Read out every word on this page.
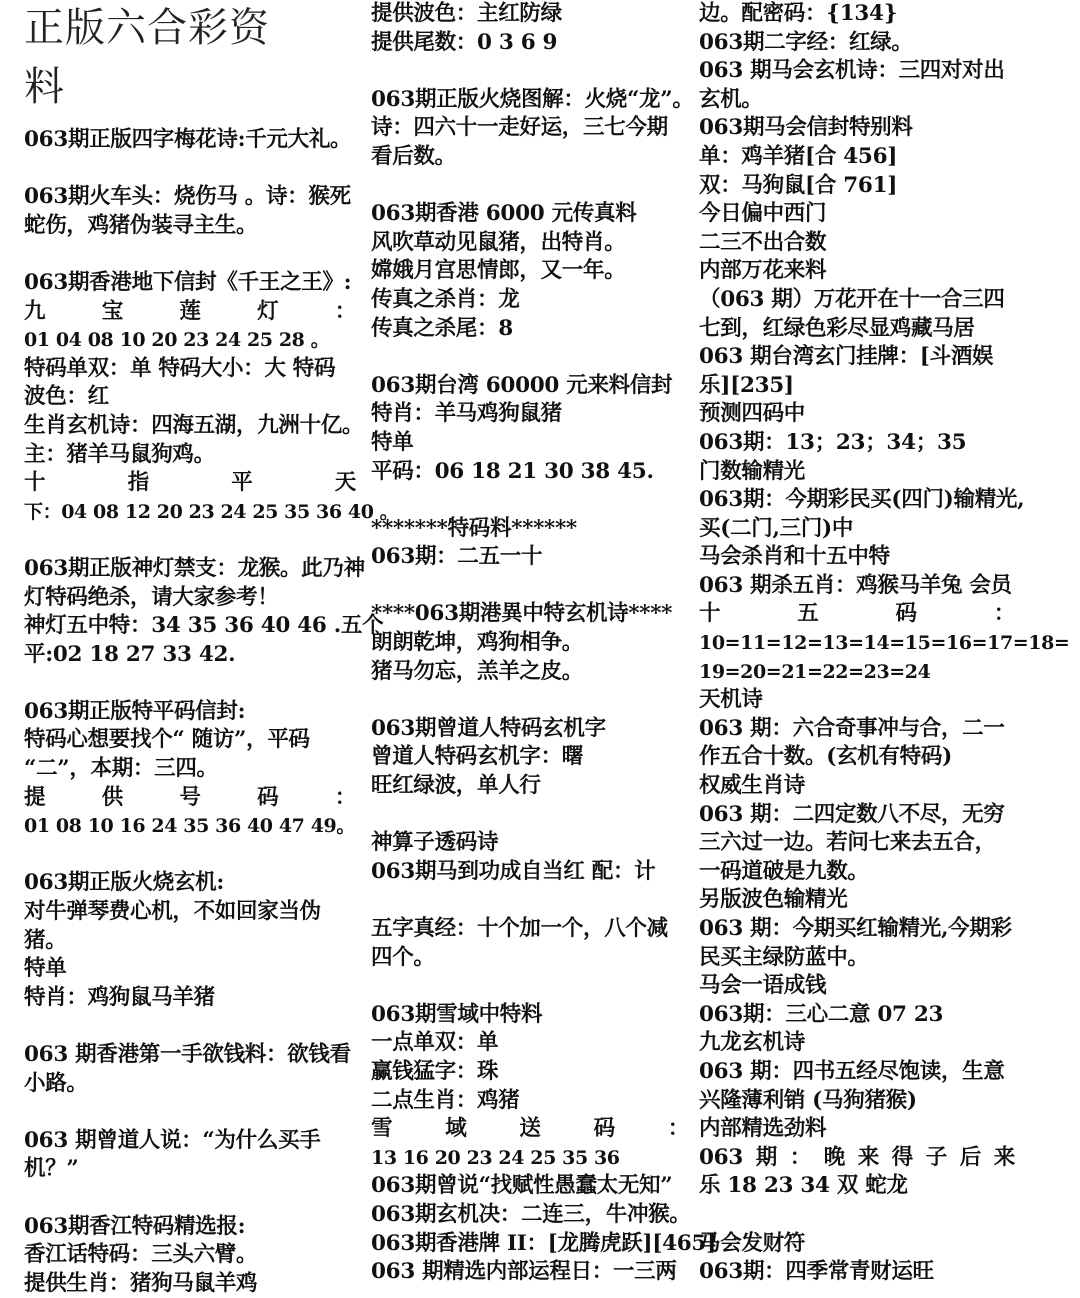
正版六合彩资
料
063期正版四字梅花诗:千元大礼。
063期火车头：烧伤马 。诗：猴死
蛇伤，鸡猪伪装寻主生。
063期香港地下信封《千王之王》:
九	宝	莲	灯	：
01 04 08 10 20 23 24 25 28 。
特码单双：单 特码大小：大 特码
波色：红
生肖玄机诗：四海五湖，九洲十亿。
主：猪羊马鼠狗鸡。
十	指	平	天
下：04 08 12 20 23 24 25 35 36 40 。
063期正版神灯禁支：龙猴。此乃神
灯特码绝杀，请大家参考！
神灯五中特：34 35 36 40 46 .五个
平:02 18 27 33 42.
063期正版特平码信封:
特码心想要找个“ 随访”，平码
“二”，本期：三四。
提	供	号	码	：
01 08 10 16 24 35 36 40 47 49。
063期正版火烧玄机:
对牛弹琴费心机，不如回家当伪
猪。
特单
特肖：鸡狗鼠马羊猪
063 期香港第一手欲钱料：欲钱看
小路。
063 期曾道人说：“为什么买手
机？”
063期香江特码精选报:
香江话特码：三头六臂。
提供生肖：猪狗马鼠羊鸡
提供波色：主红防绿
提供尾数：0 3 6 9
063期正版火烧图解：火烧“龙”。
诗：四六十一走好运，三七今期
看后数。
063期香港 6000 元传真料
风吹草动见鼠猪，出特肖。
嫦娥月宫思情郎，又一年。
传真之杀肖：龙
传真之杀尾：8
063期台湾 60000 元来料信封
特肖：羊马鸡狗鼠猪
特单
平码：06 18 21 30 38 45.
*******特码料******
063期：二五一十
****063期港異中特玄机诗****
朗朗乾坤，鸡狗相争。
猪马勿忘，羔羊之皮。
063期曾道人特码玄机字
曾道人特码玄机字：曙
旺红绿波，单人行
神算子透码诗
063期马到功成自当红 配：计
五字真经：十个加一个，八个减
四个。
063期雪域中特料
一点单双：单
赢钱猛字：珠
二点生肖：鸡猪
雪 域 送 码 ：
13 16 20 23 24 25 35 36
063期曾说“找赋性愚蠢太无知”
063期玄机决：二连三，牛冲猴。
063期香港牌 II：[龙腾虎跃][465]
063 期精选内部运程日：一三两
边。配密码：{134}
063期二字经：红绿。
063 期马会玄机诗：三四对对出
玄机。
063期马会信封特别料
单：鸡羊猪[合 456]
双：马狗鼠[合 761]
今日偏中西门
二三不出合数
内部万花来料
（063 期）万花开在十一合三四
七到，红绿色彩尽显鸡藏马居
063 期台湾玄门挂牌：[斗酒娱
乐][235]
预测四码中
063期：13；23；34；35
门数输精光
063期：今期彩民买(四门)输精光,
买(二门,三门)中
马会杀肖和十五中特
063 期杀五肖：鸡猴马羊兔 会员
十	五	码	：
10=11=12=13=14=15=16=17=18=
19=20=21=22=23=24
天机诗
063 期：六合奇事冲与合，二一
作五合十数。(玄机有特码)
权威生肖诗
063 期：二四定数八不尽，无穷
三六过一边。若问七来去五合，
一码道破是九数。
另版波色输精光
063 期：今期买红输精光,今期彩
民买主绿防蓝中。
马会一语成钱
063期：三心二意 07 23
九龙玄机诗
063 期：四书五经尽饱读，生意
兴隆薄利销 (马狗猪猴)
内部精选劲料
063 期 ： 晚 来 得 子 后 来
乐 18 23 34 双 蛇龙
马会发财符
063期：四季常青财运旺
